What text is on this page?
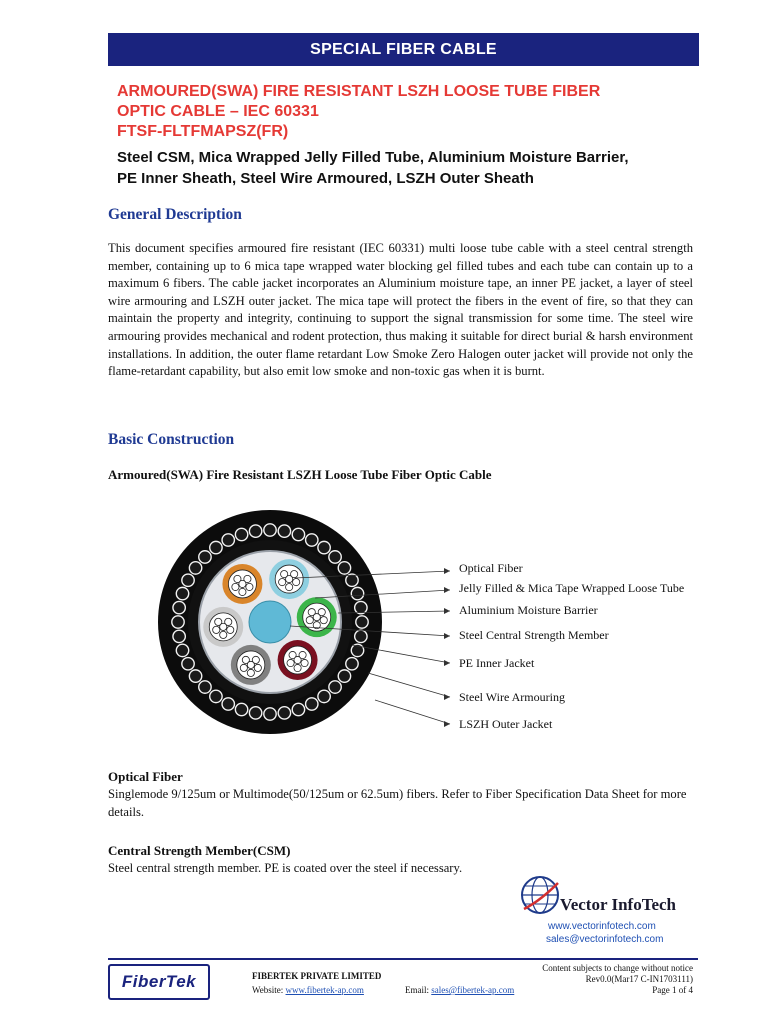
SPECIAL FIBER CABLE
ARMOURED(SWA) FIRE RESISTANT LSZH LOOSE TUBE FIBER
OPTIC CABLE – IEC 60331
FTSF-FLTFMAPSZ(FR)
Steel CSM, Mica Wrapped Jelly Filled Tube, Aluminium Moisture Barrier,
PE Inner Sheath, Steel Wire Armoured, LSZH Outer Sheath
General Description
This document specifies armoured fire resistant (IEC 60331) multi loose tube cable with a steel central strength member, containing up to 6 mica tape wrapped water blocking gel filled tubes and each tube can contain up to a maximum 6 fibers. The cable jacket incorporates an Aluminium moisture tape, an inner PE jacket, a layer of steel wire armouring and LSZH outer jacket. The mica tape will protect the fibers in the event of fire, so that they can maintain the property and integrity, continuing to support the signal transmission for some time. The steel wire armouring provides mechanical and rodent protection, thus making it suitable for direct burial & harsh environment installations. In addition, the outer flame retardant Low Smoke Zero Halogen outer jacket will provide not only the flame-retardant capability, but also emit low smoke and non-toxic gas when it is burnt.
Basic Construction
Armoured(SWA) Fire Resistant LSZH Loose Tube Fiber Optic Cable
Optical Fiber
Jelly Filled & Mica Tape Wrapped Loose Tube
Aluminium Moisture Barrier
Steel Central Strength Member
PE Inner Jacket
Steel Wire Armouring
LSZH Outer Jacket
Optical Fiber
Singlemode 9/125um or Multimode(50/125um or 62.5um) fibers. Refer to Fiber Specification Data Sheet for more details.
Central Strength Member(CSM)
Steel central strength member. PE is coated over the steel if necessary.
Vector InfoTech
www.vectorinfotech.com
sales@vectorinfotech.com
FiberTek	FIBERTEK PRIVATE LIMITED
Website: www.fibertek-ap.com	Email: sales@fibertek-ap.com
Content subjects to change without notice
Rev0.0(Mar17 C-IN1703111)
Page 1 of 4
